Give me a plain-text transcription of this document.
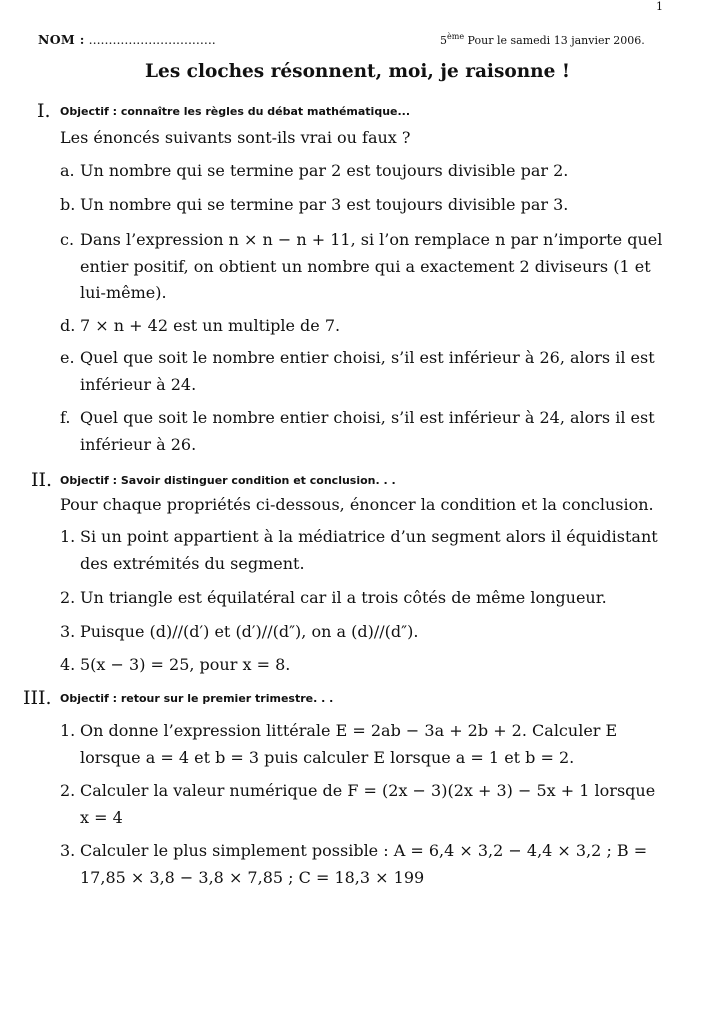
1
NOM : ................................	5ème Pour le samedi 13 janvier 2006.
Les cloches résonnent, moi, je raisonne !
I. Objectif : connaître les règles du débat mathématique...
Les énoncés suivants sont-ils vrai ou faux ?
a. Un nombre qui se termine par 2 est toujours divisible par 2.
b. Un nombre qui se termine par 3 est toujours divisible par 3.
c. Dans l’expression n × n − n + 11, si l’on remplace n par n’importe quel entier positif, on obtient un nombre qui a exactement 2 diviseurs (1 et lui-même).
d. 7 × n + 42 est un multiple de 7.
e. Quel que soit le nombre entier choisi, s’il est inférieur à 26, alors il est inférieur à 24.
f. Quel que soit le nombre entier choisi, s’il est inférieur à 24, alors il est inférieur à 26.
II. Objectif : Savoir distinguer condition et conclusion. . .
Pour chaque propriétés ci-dessous, énoncer la condition et la conclusion.
1. Si un point appartient à la médiatrice d’un segment alors il équidistant des extrémités du segment.
2. Un triangle est équilatéral car il a trois côtés de même longueur.
3. Puisque (d)//(d′) et (d′)//(d″), on a (d)//(d″).
4. 5(x − 3) = 25, pour x = 8.
III. Objectif : retour sur le premier trimestre. . .
1. On donne l’expression littérale E = 2ab − 3a + 2b + 2. Calculer E lorsque a = 4 et b = 3 puis calculer E lorsque a = 1 et b = 2.
2. Calculer la valeur numérique de F = (2x − 3)(2x + 3) − 5x + 1 lorsque x = 4
3. Calculer le plus simplement possible : A = 6,4 × 3,2 − 4,4 × 3,2 ; B = 17,85 × 3,8 − 3,8 × 7,85 ; C = 18,3 × 199
